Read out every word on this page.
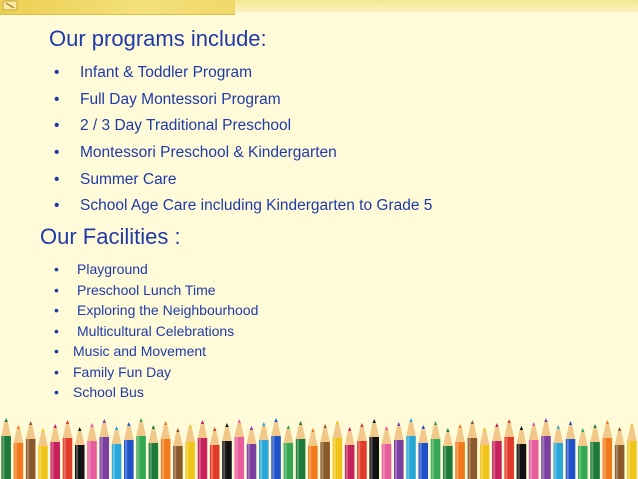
Our programs include:
• Infant & Toddler Program
• Full Day Montessori Program
• 2 / 3 Day Traditional Preschool
• Montessori Preschool & Kindergarten
• Summer Care
• School Age Care including Kindergarten to Grade 5
Our Facilities :
• Playground
• Preschool Lunch Time
• Exploring the Neighbourhood
• Multicultural Celebrations
• Music and Movement
• Family Fun Day
• School Bus
